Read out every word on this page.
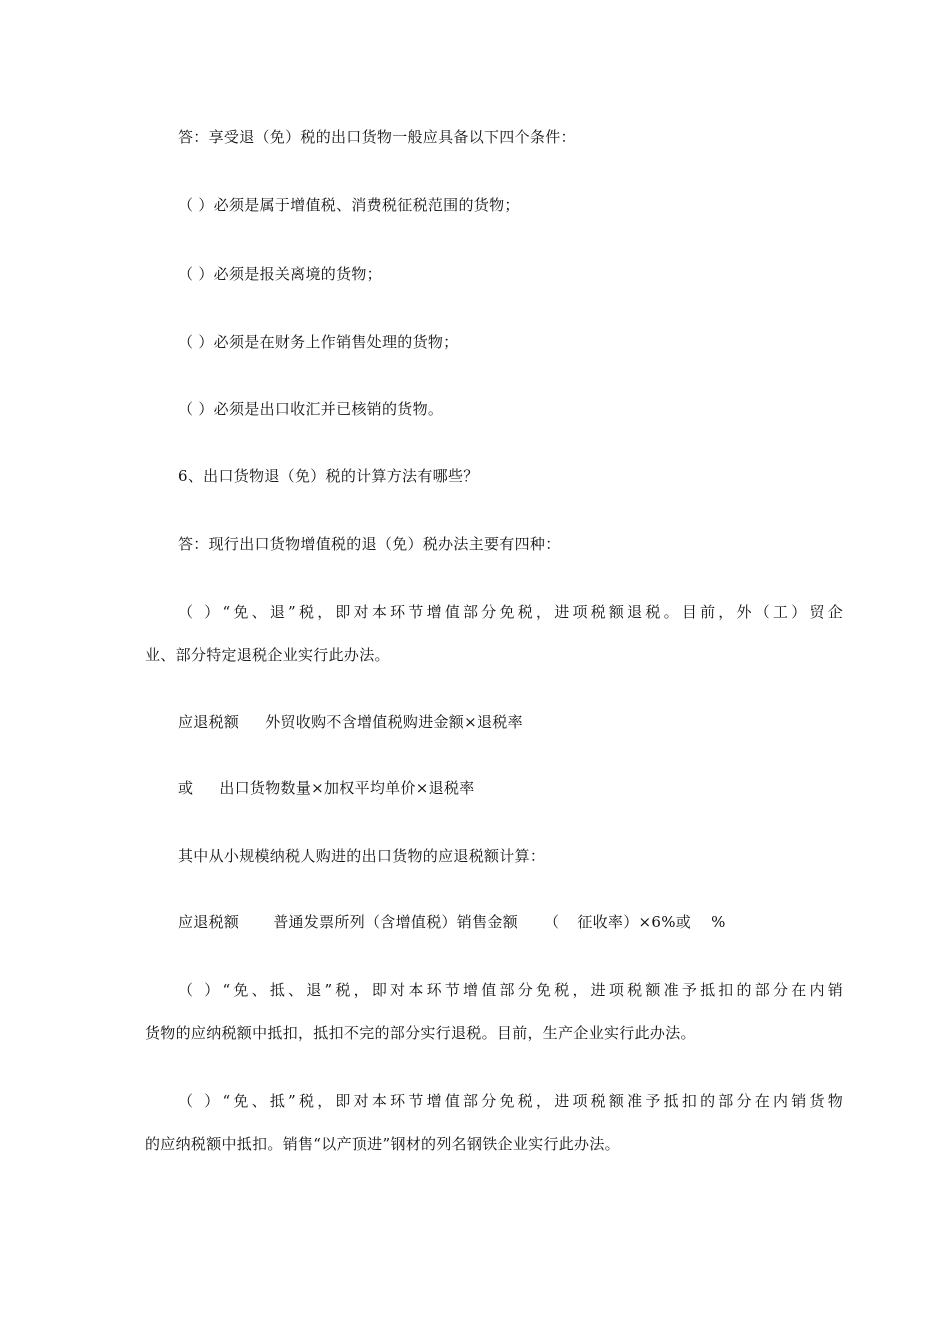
答：享受退（免）税的出口货物一般应具备以下四个条件：
（ ）必须是属于增值税、消费税征税范围的货物；
（ ）必须是报关离境的货物；
（ ）必须是在财务上作销售处理的货物；
（ ）必须是出口收汇并已核销的货物。
6、出口货物退（免）税的计算方法有哪些？
答：现行出口货物增值税的退（免）税办法主要有四种：
（ ）“免、退”税，即对本环节增值部分免税，进项税额退税。目前，外（工）贸企
业、部分特定退税企业实行此办法。
应退税额 外贸收购不含增值税购进金额×退税率
或 出口货物数量×加权平均单价×退税率
其中从小规模纳税人购进的出口货物的应退税额计算：
应退税额 普通发票所列（含增值税）销售金额 （ 征收率）×6%或 %
（ ）“免、抵、退”税，即对本环节增值部分免税，进项税额准予抵扣的部分在内销
货物的应纳税额中抵扣，抵扣不完的部分实行退税。目前，生产企业实行此办法。
（ ）“免、抵”税，即对本环节增值部分免税，进项税额准予抵扣的部分在内销货物
的应纳税额中抵扣。销售“以产顶进”钢材的列名钢铁企业实行此办法。
